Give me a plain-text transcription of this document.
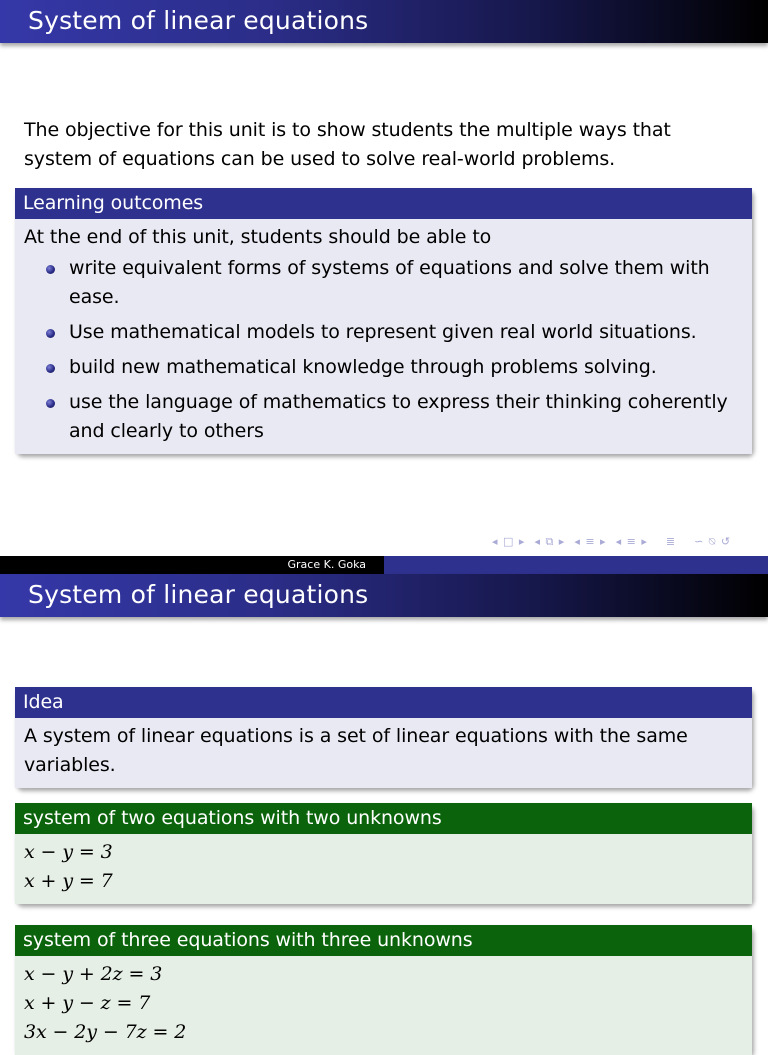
System of linear equations
The objective for this unit is to show students the multiple ways that system of equations can be used to solve real-world problems.
Learning outcomes
At the end of this unit, students should be able to
write equivalent forms of systems of equations and solve them with ease.
Use mathematical models to represent given real world situations.
build new mathematical knowledge through problems solving.
use the language of mathematics to express their thinking coherently and clearly to others
◂ □ ▸ ◂ ⧉ ▸ ◂ ≡ ▸ ◂ ≡ ▸ ≣ ∽ ⍉ ↺
Grace K. Goka
System of linear equations
Idea
A system of linear equations is a set of linear equations with the same variables.
system of two equations with two unknowns
x − y = 3
x + y = 7
system of three equations with three unknowns
x − y + 2z = 3
x + y − z = 7
3x − 2y − 7z = 2
